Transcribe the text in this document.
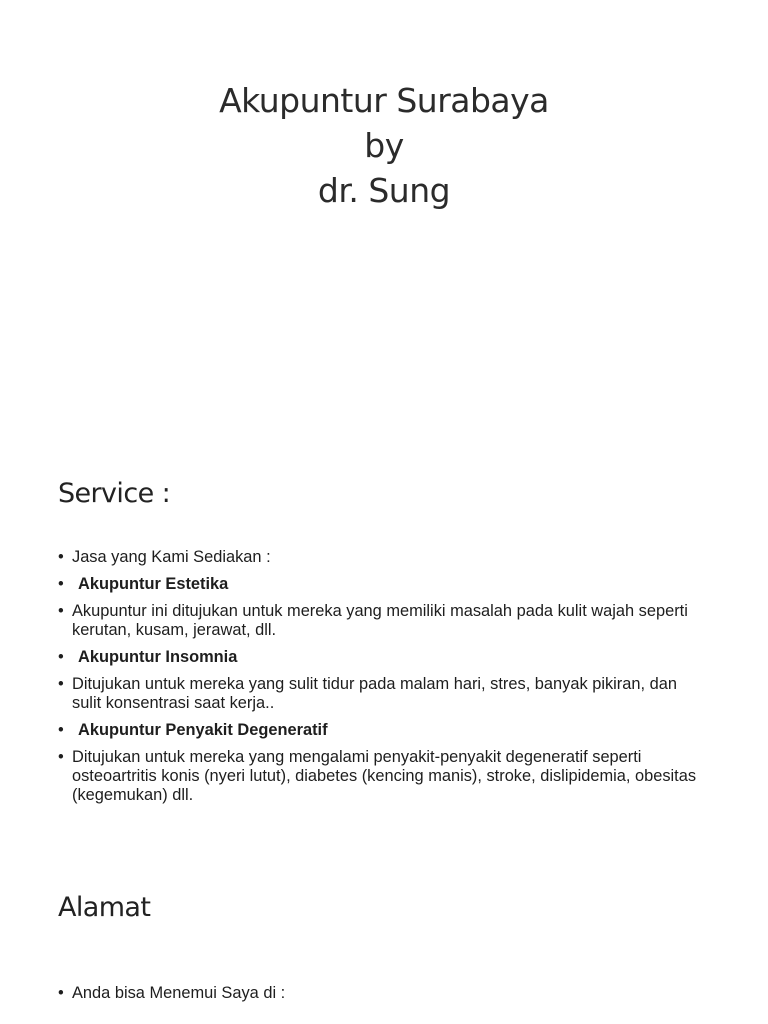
Akupuntur Surabaya
by
dr. Sung
Service :
• Jasa yang Kami Sediakan :
• Akupuntur Estetika
• Akupuntur ini ditujukan untuk mereka yang memiliki masalah pada kulit wajah seperti kerutan, kusam, jerawat, dll.
• Akupuntur Insomnia
• Ditujukan untuk mereka yang sulit tidur pada malam hari, stres, banyak pikiran, dan sulit konsentrasi saat kerja..
• Akupuntur Penyakit Degeneratif
• Ditujukan untuk mereka yang mengalami penyakit-penyakit degeneratif seperti osteoartritis konis (nyeri lutut), diabetes (kencing manis), stroke, dislipidemia, obesitas (kegemukan) dll.
Alamat
• Anda bisa Menemui Saya di :
